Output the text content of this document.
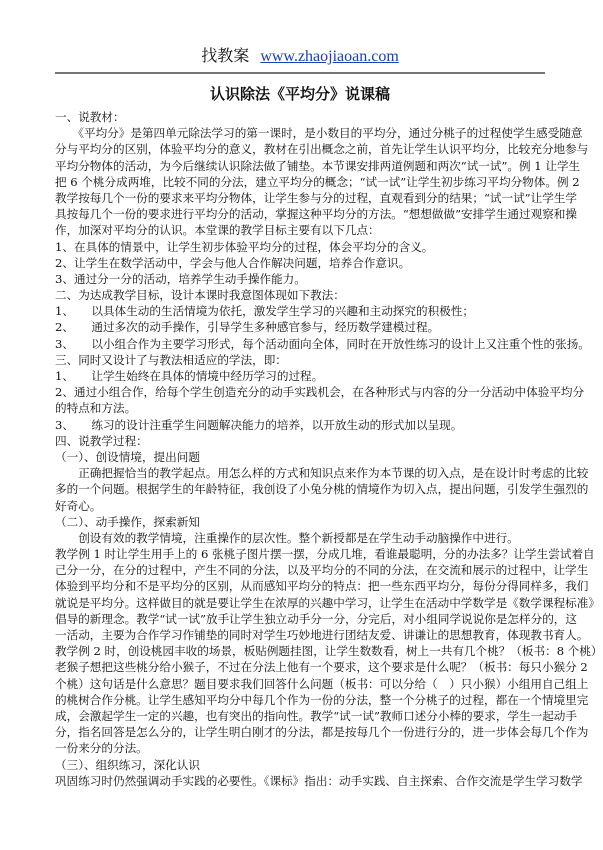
找教案 www.zhaojiaoan.com
认识除法《平均分》说课稿
一、说教材：
　　《平均分》是第四单元除法学习的第一课时，是小数目的平均分，通过分桃子的过程使学生感受随意
分与平均分的区别，体验平均分的意义，教材在引出概念之前，首先让学生认识平均分，比较充分地参与
平均分物体的活动，为今后继续认识除法做了铺垫。本节课安排两道例题和两次“试一试”。例 1 让学生
把 6 个桃分成两堆，比较不同的分法，建立平均分的概念；“试一试”让学生初步练习平均分物体。例 2
教学按每几个一份的要求来平均分物体，让学生参与分的过程，直观看到分的结果；“试一试”让学生学
具按每几个一份的要求进行平均分的活动，掌握这种平均分的方法。“想想做做”安排学生通过观察和操
作，加深对平均分的认识。本堂课的教学目标主要有以下几点：
1、在具体的情景中，让学生初步体验平均分的过程，体会平均分的含义。
2、让学生在数学活动中，学会与他人合作解决问题，培养合作意识。
3、通过分一分的活动，培养学生动手操作能力。
二、为达成教学目标，设计本课时我意图体现如下教法：
1、　　以具体生动的生活情境为依托，激发学生学习的兴趣和主动探究的积极性；
2、　　通过多次的动手操作，引导学生多种感官参与，经历数学建模过程。
3、　　以小组合作为主要学习形式，每个活动面向全体，同时在开放性练习的设计上又注重个性的张扬。
三、同时又设计了与教法相适应的学法，即：
1、　　让学生始终在具体的情境中经历学习的过程。
2、通过小组合作，给每个学生创造充分的动手实践机会，在各种形式与内容的分一分活动中体验平均分
的特点和方法。
3、　　练习的设计注重学生问题解决能力的培养，以开放生动的形式加以呈现。
四、说教学过程：
（一）、创设情境，提出问题
　　正确把握恰当的教学起点。用怎么样的方式和知识点来作为本节课的切入点，是在设计时考虑的比较
多的一个问题。根据学生的年龄特征，我创设了小兔分桃的情境作为切入点，提出问题，引发学生强烈的
好奇心。
（二）、动手操作，探索新知
　　创设有效的教学情境，注重操作的层次性。整个新授都是在学生动手动脑操作中进行。
教学例 1 时让学生用手上的 6 张桃子图片摆一摆，分成几堆，看谁最聪明，分的办法多？让学生尝试着自
己分一分，在分的过程中，产生不同的分法，以及平均分的不同的分法，在交流和展示的过程中，让学生
体验到平均分和不是平均分的区别，从而感知平均分的特点：把一些东西平均分，每份分得同样多，我们
就说是平均分。这样做目的就是要让学生在浓厚的兴趣中学习，让学生在活动中学数学是《数学课程标准》
倡导的新理念。教学“试一试”放手让学生独立动手分一分，分完后，对小组同学说说你是怎样分的，这
一活动，主要为合作学习作铺垫的同时对学生巧妙地进行团结友爱、讲谦让的思想教育，体现教书育人。
教学例 2 时，创设桃园丰收的场景，板贴例题挂图，让学生数数看，树上一共有几个桃？（板书：8 个桃）
老猴子想把这些桃分给小猴子，不过在分法上他有一个要求，这个要求是什么呢？（板书：每只小猴分 2
个桃）这句话是什么意思？题目要求我们回答什么问题（板书：可以分给（　）只小猴）小组用自己组上
的桃树合作分桃。让学生感知平均分中每几个作为一份的分法，整一个分桃子的过程，都在一个情境里完
成，会激起学生一定的兴趣，也有突出的指向性。教学“试一试”教师口述分小棒的要求，学生一起动手
分，指名回答是怎么分的，让学生明白刚才的分法，都是按每几个一份进行分的，进一步体会每几个作为
一份来分的分法。
（三）、组织练习，深化认识
巩固练习时仍然强调动手实践的必要性。《课标》指出：动手实践、自主探索、合作交流是学生学习数学
